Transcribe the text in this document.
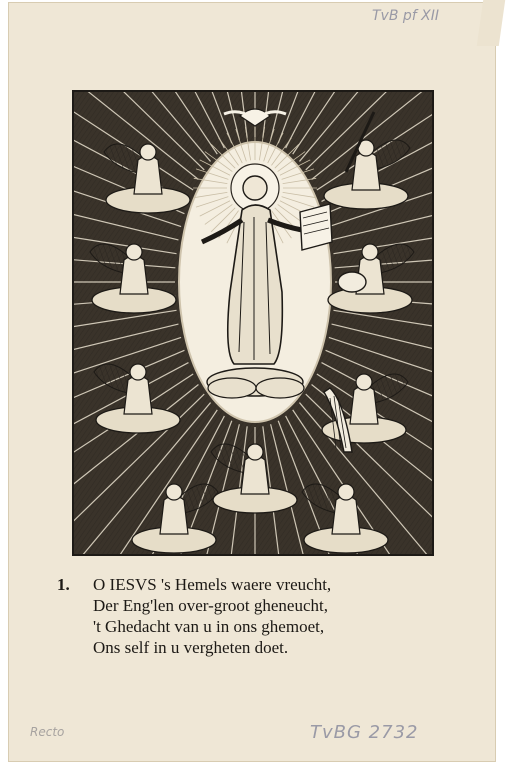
TvB pf XII
1. O IESVS 's Hemels waere vreucht,
Der Eng'len over-groot gheneucht,
't Ghedacht van u in ons ghemoet,
Ons self in u vergheten doet.
Recto	TvBG 2732
